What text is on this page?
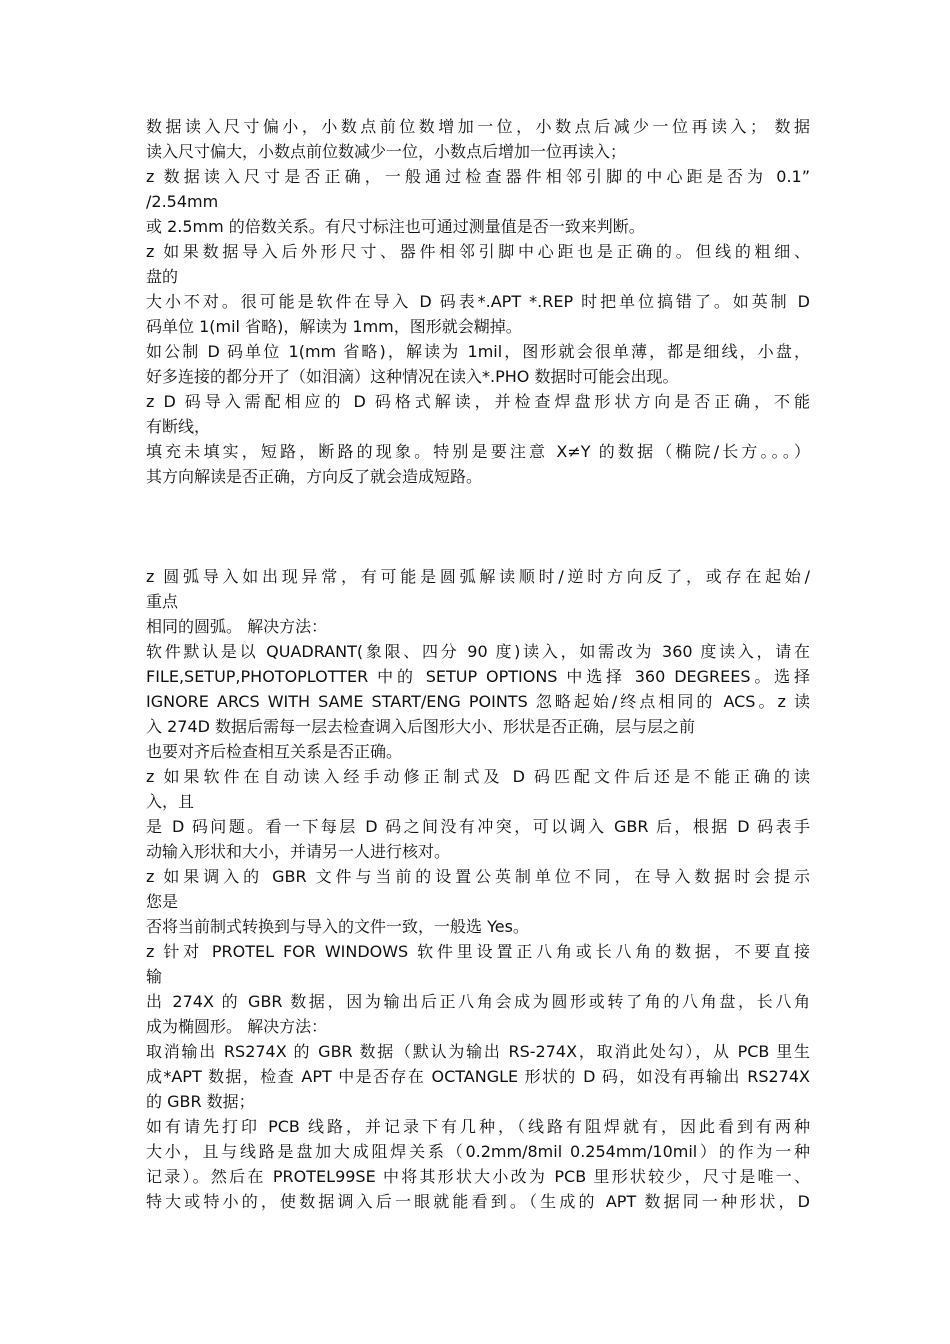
数据读入尺寸偏小，小数点前位数增加一位，小数点后减少一位再读入； 数据
读入尺寸偏大，小数点前位数减少一位，小数点后增加一位再读入；
z 数据读入尺寸是否正确，一般通过检查器件相邻引脚的中心距是否为 0.1”
/2.54mm
或 2.5mm 的倍数关系。有尺寸标注也可通过测量值是否一致来判断。
z 如果数据导入后外形尺寸、器件相邻引脚中心距也是正确的。但线的粗细、
盘的
大小不对。很可能是软件在导入 D 码表*.APT *.REP 时把单位搞错了。如英制 D
码单位 1(mil 省略)，解读为 1mm，图形就会糊掉。
如公制 D 码单位 1(mm 省略)，解读为 1mil，图形就会很单薄，都是细线，小盘，
好多连接的都分开了（如泪滴）这种情况在读入*.PHO 数据时可能会出现。
z D 码导入需配相应的 D 码格式解读，并检查焊盘形状方向是否正确，不能
有断线，
填充未填实，短路，断路的现象。特别是要注意 X≠Y 的数据（椭院/长方。。。）
其方向解读是否正确，方向反了就会造成短路。
z 圆弧导入如出现异常，有可能是圆弧解读顺时/逆时方向反了，或存在起始/
重点
相同的圆弧。 解决方法：
软件默认是以 QUADRANT(象限、四分 90 度)读入，如需改为 360 度读入，请在
FILE,SETUP,PHOTOPLOTTER 中的 SETUP OPTIONS 中选择 360 DEGREES。选择
IGNORE ARCS WITH SAME START/ENG POINTS 忽略起始/终点相同的 ACS。z 读
入 274D 数据后需每一层去检查调入后图形大小、形状是否正确，层与层之前
也要对齐后检查相互关系是否正确。
z 如果软件在自动读入经手动修正制式及 D 码匹配文件后还是不能正确的读
入，且
是 D 码问题。看一下每层 D 码之间没有冲突，可以调入 GBR 后，根据 D 码表手
动输入形状和大小，并请另一人进行核对。
z 如果调入的 GBR 文件与当前的设置公英制单位不同，在导入数据时会提示
您是
否将当前制式转换到与导入的文件一致，一般选 Yes。
z 针对 PROTEL FOR WINDOWS 软件里设置正八角或长八角的数据，不要直接
输
出 274X 的 GBR 数据，因为输出后正八角会成为圆形或转了角的八角盘，长八角
成为椭圆形。 解决方法：
取消输出 RS274X 的 GBR 数据（默认为输出 RS-274X，取消此处勾），从 PCB 里生
成*APT 数据，检查 APT 中是否存在 OCTANGLE 形状的 D 码，如没有再输出 RS274X
的 GBR 数据；
如有请先打印 PCB 线路，并记录下有几种，（线路有阻焊就有，因此看到有两种
大小，且与线路是盘加大成阻焊关系（0.2mm/8mil 0.254mm/10mil）的作为一种
记录）。然后在 PROTEL99SE 中将其形状大小改为 PCB 里形状较少，尺寸是唯一、
特大或特小的，使数据调入后一眼就能看到。（生成的 APT 数据同一种形状，D
